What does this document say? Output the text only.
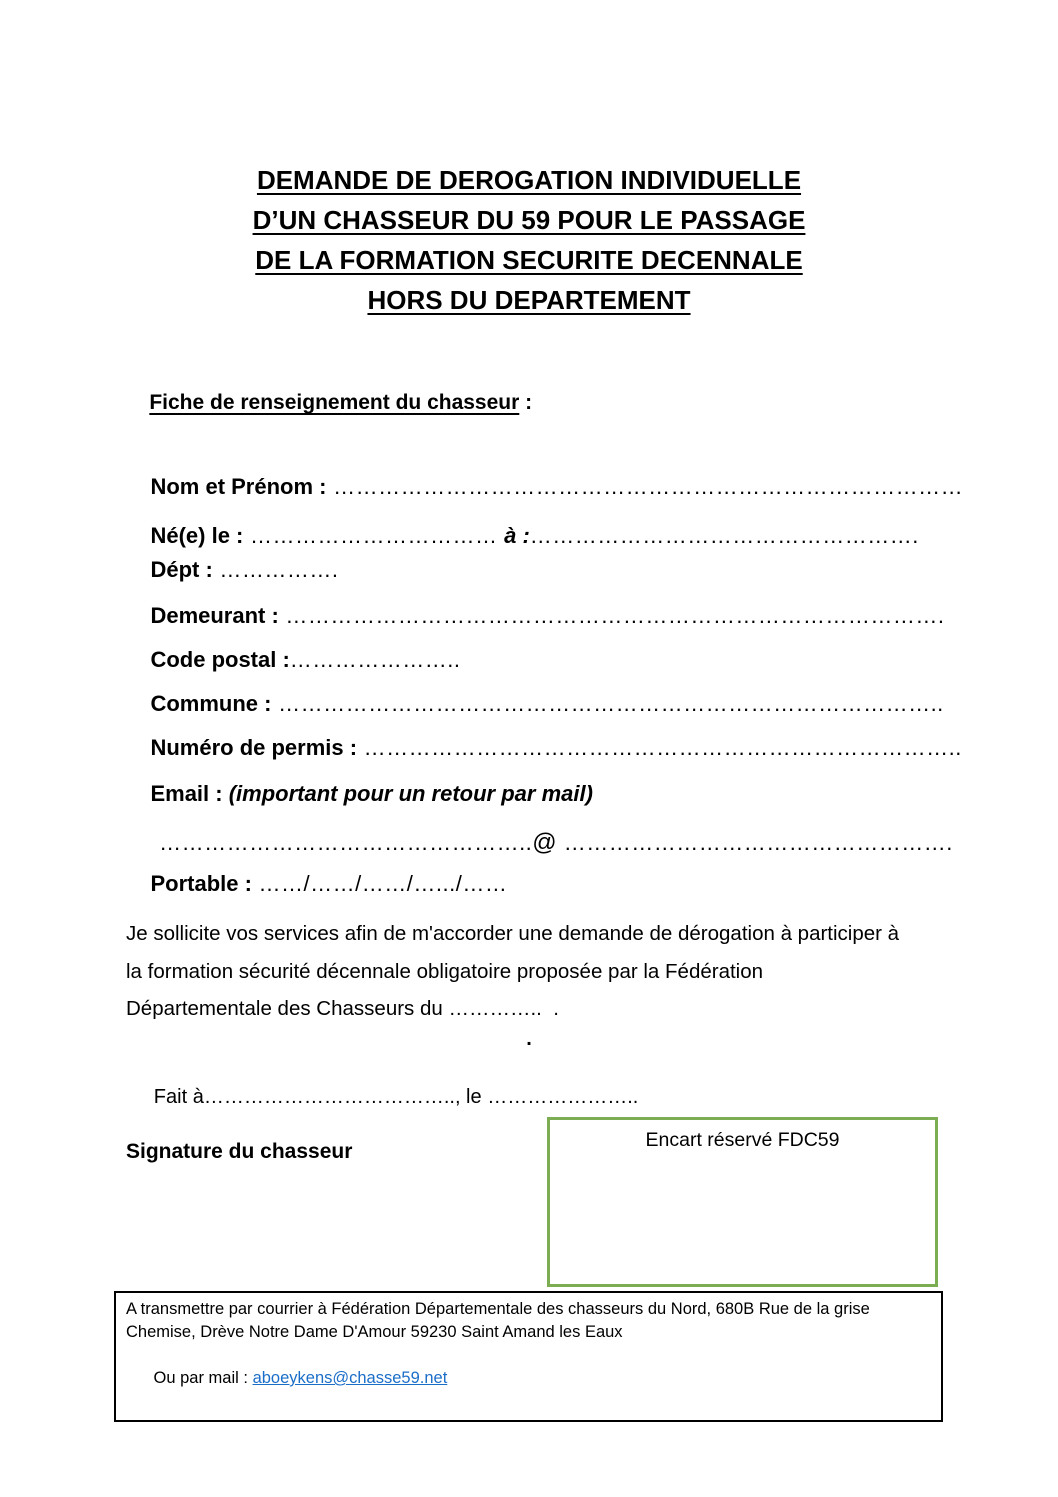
DEMANDE DE DEROGATION INDIVIDUELLE
D’UN CHASSEUR DU 59 POUR LE PASSAGE
DE LA FORMATION SECURITE DECENNALE
HORS DU DEPARTEMENT

Fiche de renseignement du chasseur :

Nom et Prénom : …………………………………………………………………………

Né(e) le : …………………………… à :…………………………………………….

Dépt : …………….

Demeurant : …………………………………………………………………………….

Code postal :…………………..

Commune : ……………………………………………………………………………..

Numéro de permis : ……………………………………………………………………..

Email : (important pour un retour par mail)

…………………………………………..@ …………………………………………….

Portable : ……/……/……/….../……

Je sollicite vos services afin de m'accorder une demande de dérogation à participer à
la formation sécurité décennale obligatoire proposée par la Fédération
Départementale des Chasseurs du …………..  .
.

Fait à……………………………….., le …………………..

Signature du chasseur	Encart réservé FDC59
A transmettre par courrier à Fédération Départementale des chasseurs du Nord, 680B Rue de la grise
Chemise, Drève Notre Dame D'Amour 59230 Saint Amand les Eaux

Ou par mail : aboeykens@chasse59.net
